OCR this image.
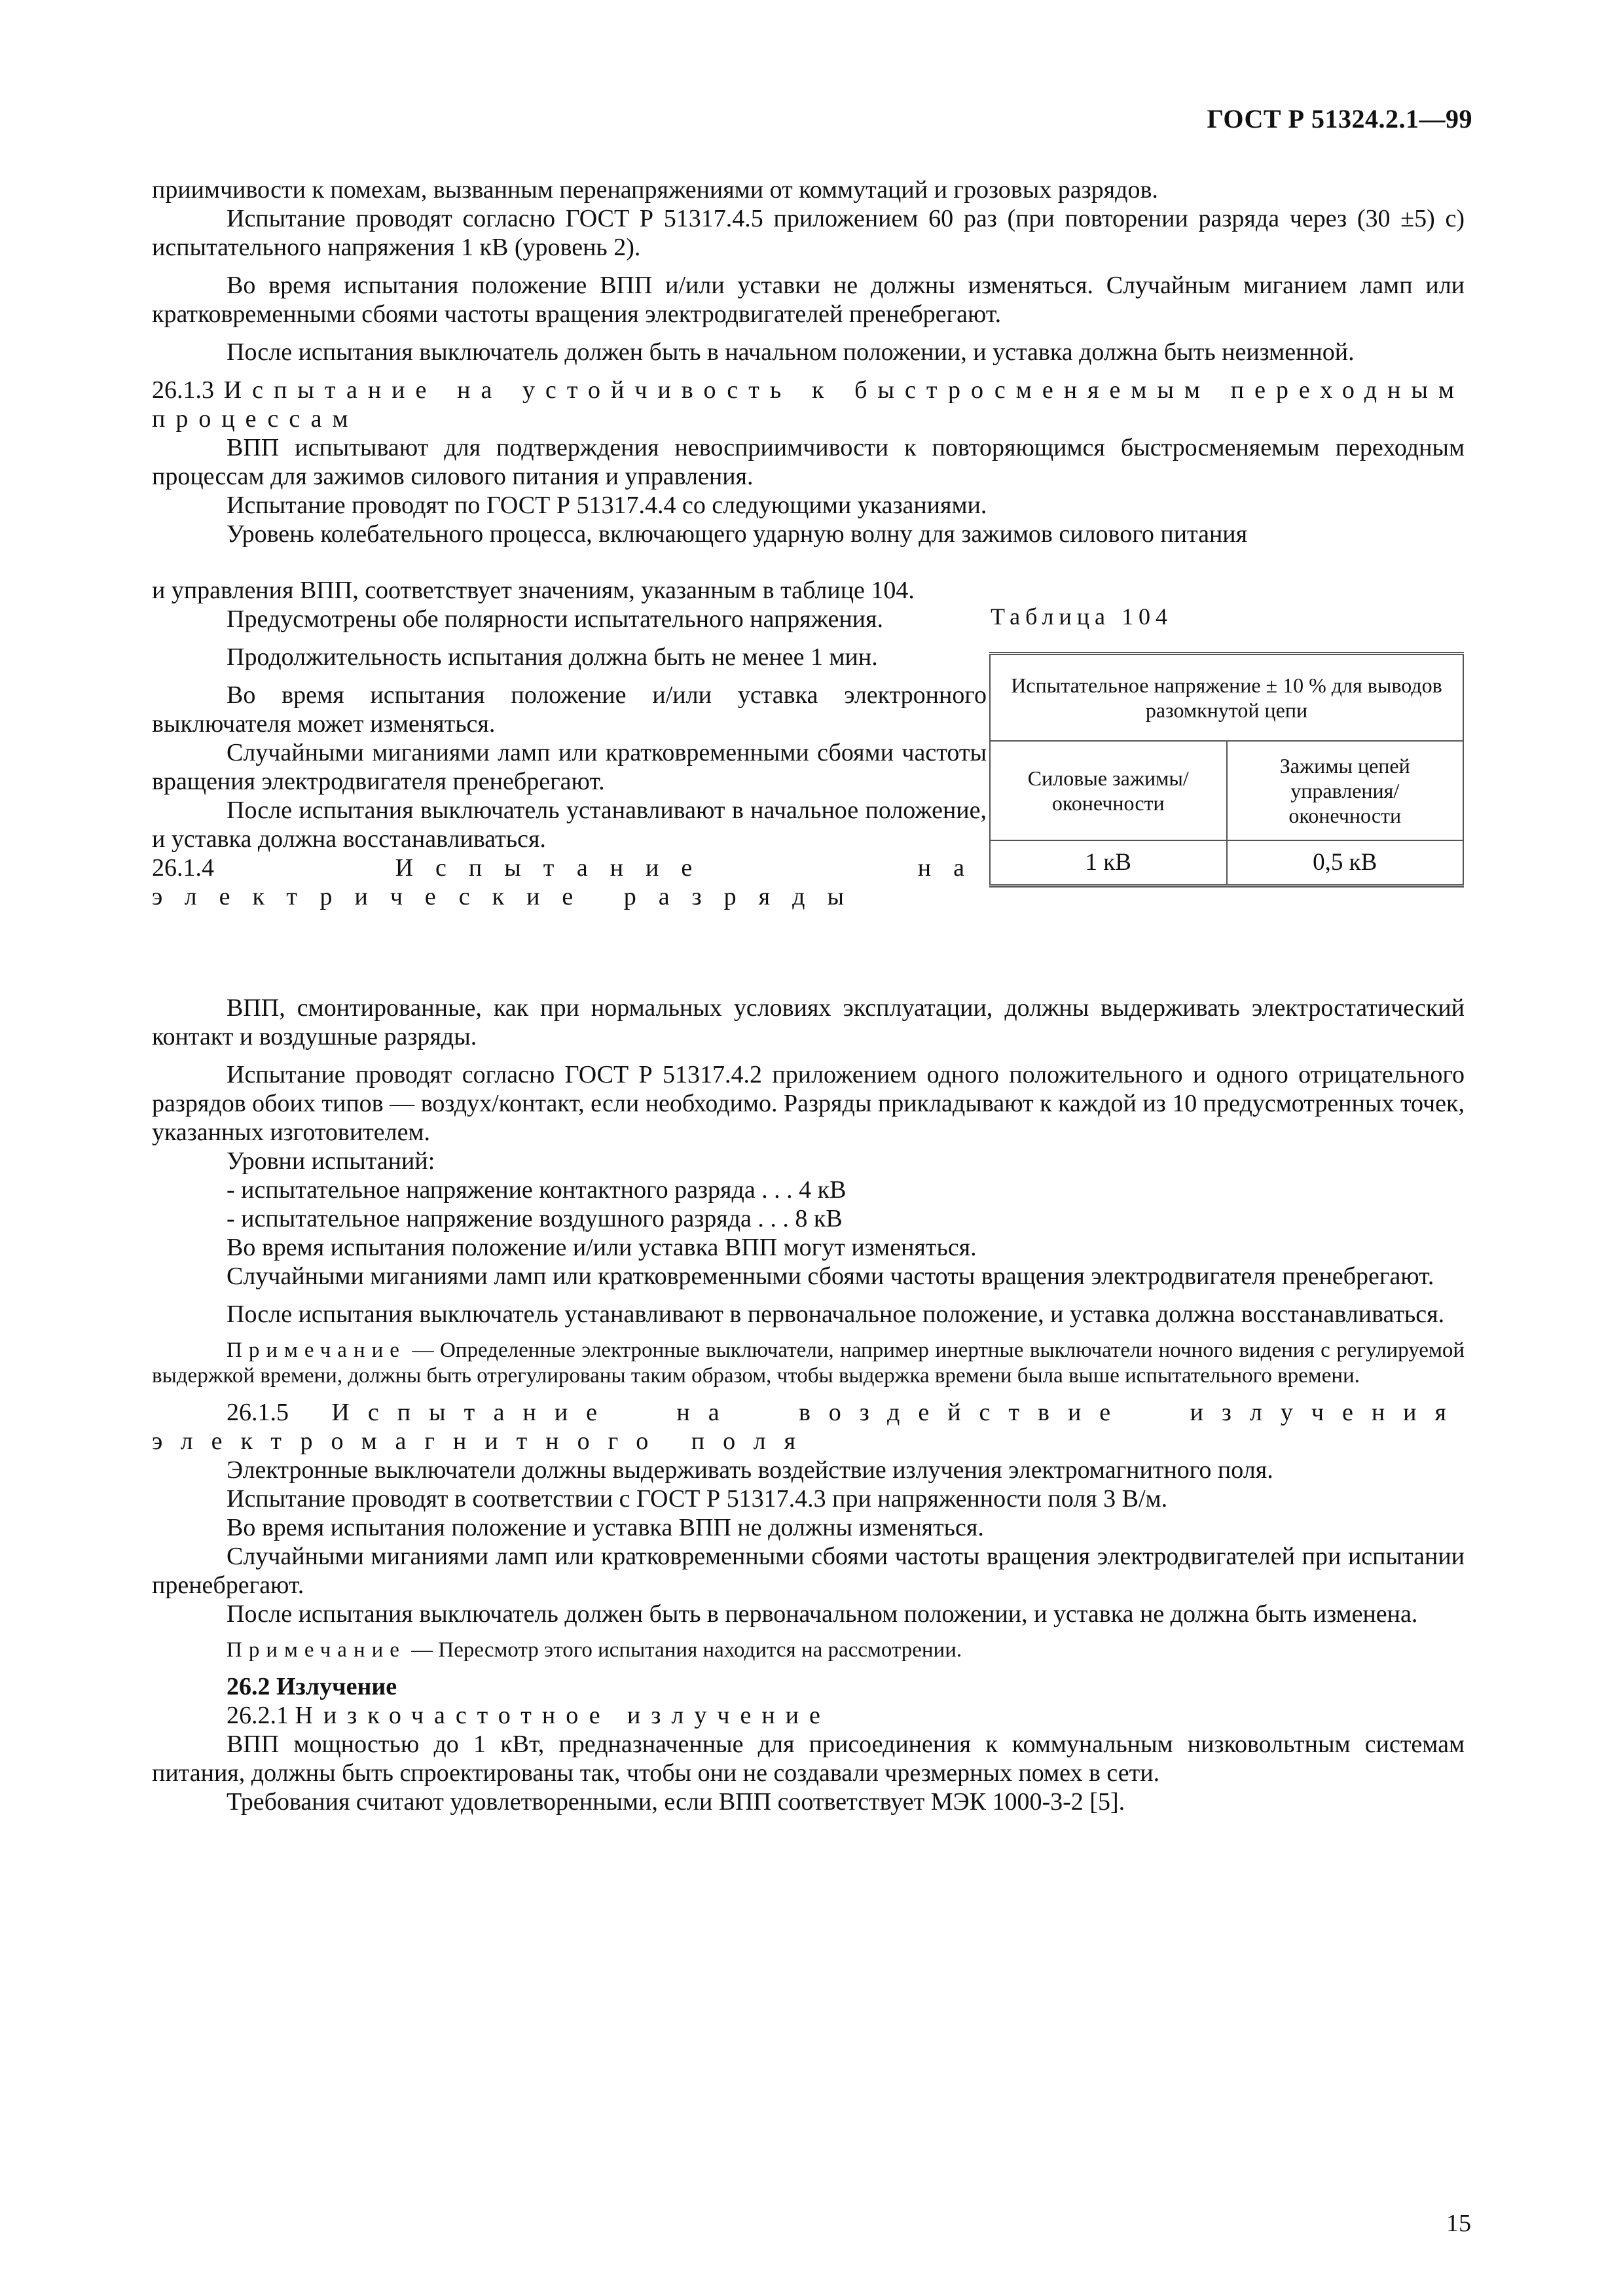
ГОСТ Р 51324.2.1—99

приимчивости к помехам, вызванным перенапряжениями от коммутаций и грозовых разрядов.

Испытание проводят согласно ГОСТ Р 51317.4.5 приложением 60 раз (при повторении разряда через (30 ±5) с) испытательного напряжения 1 кВ (уровень 2).

Во время испытания положение ВПП и/или уставки не должны изменяться. Случайным миганием ламп или кратковременными сбоями частоты вращения электродвигателей пренебрегают.

После испытания выключатель должен быть в начальном положении, и уставка должна быть неизменной.

26.1.3 Испытание на устойчивость к быстросменяемым переходным процессам

ВПП испытывают для подтверждения невосприимчивости к повторяющимся быстросменяемым переходным процессам для зажимов силового питания и управления.

Испытание проводят по ГОСТ Р 51317.4.4 со следующими указаниями.

Уровень колебательного процесса, включающего ударную волну для зажимов силового питания

и управления ВПП, соответствует значениям, указанным в таблице 104.

Предусмотрены обе полярности испытательного напряжения.

Продолжительность испытания должна быть не менее 1 мин.

Во время испытания положение и/или уставка электронного выключателя может изменяться.

Случайными миганиями ламп или кратковременными сбоями частоты вращения электродвигателя пренебрегают.

После испытания выключатель устанавливают в начальное положение, и уставка должна восстанавливаться.

26.1.4	Испытание на электрические разряды

Таблица 104
Испытательное напряжение ± 10 % для выводов разомкнутой цепи	
Силовые зажимы/оконечности	Зажимы цепей управления/оконечности
1 кВ	0,5 кВ

ВПП, смонтированные, как при нормальных условиях эксплуатации, должны выдерживать электростатический контакт и воздушные разряды.

Испытание проводят согласно ГОСТ Р 51317.4.2 приложением одного положительного и одного отрицательного разрядов обоих типов — воздух/контакт, если необходимо. Разряды прикладывают к каждой из 10 предусмотренных точек, указанных изготовителем.

Уровни испытаний:

- испытательное напряжение контактного разряда . . . 4 кВ

- испытательное напряжение воздушного разряда . . . 8 кВ

Во время испытания положение и/или уставка ВПП могут изменяться.

Случайными миганиями ламп или кратковременными сбоями частоты вращения электродвигателя пренебрегают.

После испытания выключатель устанавливают в первоначальное положение, и уставка должна восстанавливаться.

Примечание — Определенные электронные выключатели, например инертные выключатели ночного видения с регулируемой выдержкой времени, должны быть отрегулированы таким образом, чтобы выдержка времени была выше испытательного времени.

26.1.5 Испытание на воздействие излучения электромагнитного поля

Электронные выключатели должны выдерживать воздействие излучения электромагнитного поля.

Испытание проводят в соответствии с ГОСТ Р 51317.4.3 при напряженности поля 3 В/м.

Во время испытания положение и уставка ВПП не должны изменяться.

Случайными миганиями ламп или кратковременными сбоями частоты вращения электродвигателей при испытании пренебрегают.

После испытания выключатель должен быть в первоначальном положении, и уставка не должна быть изменена.

Примечание — Пересмотр этого испытания находится на рассмотрении.

26.2 Излучение

26.2.1 Низкочастотное излучение

ВПП мощностью до 1 кВт, предназначенные для присоединения к коммунальным низковольтным системам питания, должны быть спроектированы так, чтобы они не создавали чрезмерных помех в сети.

Требования считают удовлетворенными, если ВПП соответствует МЭК 1000-3-2 [5].

15
